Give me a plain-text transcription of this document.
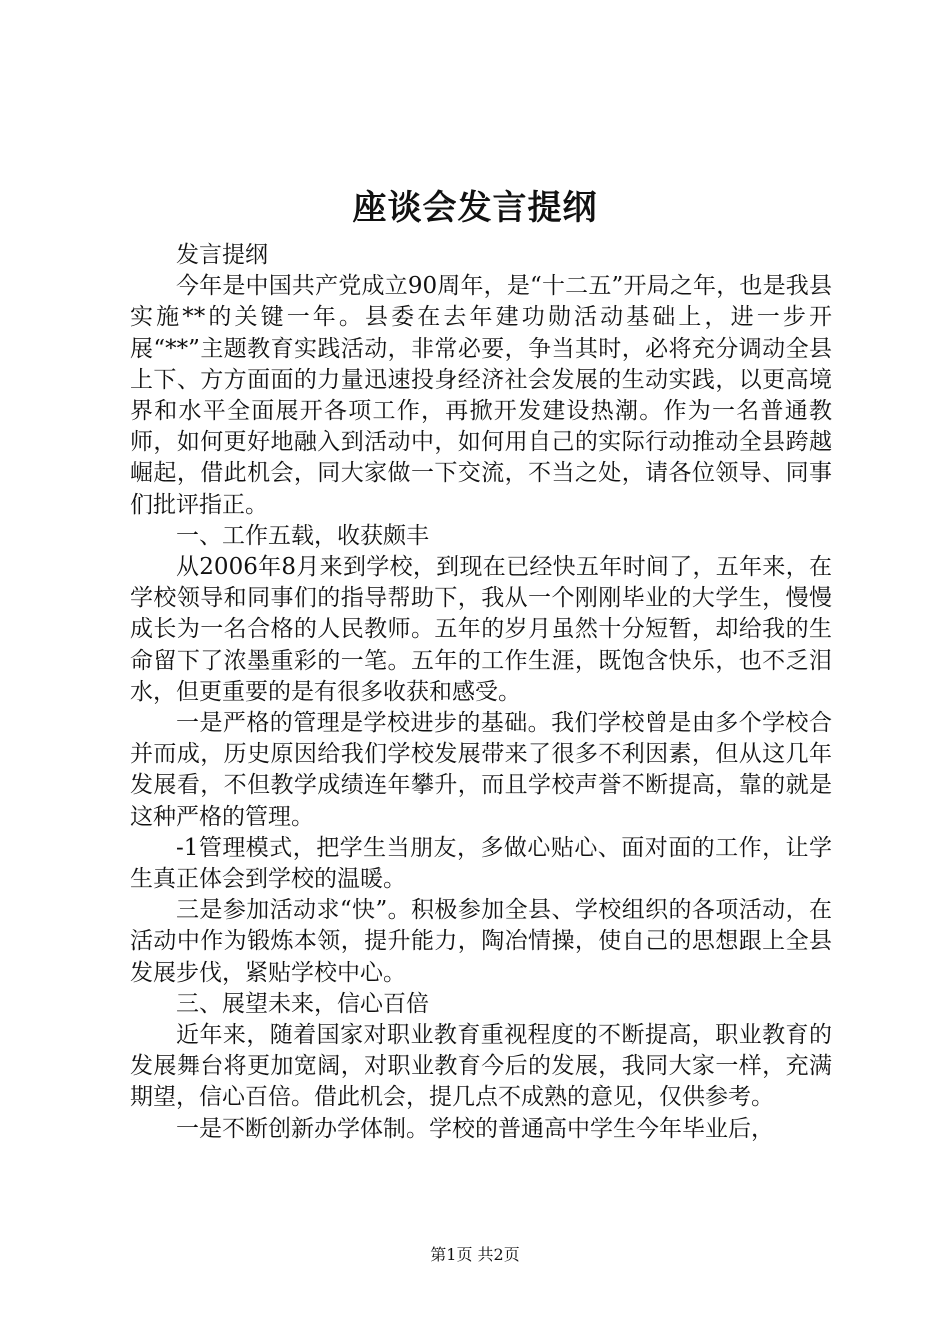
座谈会发言提纲

发言提纲

今年是中国共产党成立90周年，是“十二五”开局之年，也是我县实施**的关键一年。县委在去年建功勋活动基础上，进一步开展“**”主题教育实践活动，非常必要，争当其时，必将充分调动全县上下、方方面面的力量迅速投身经济社会发展的生动实践，以更高境界和水平全面展开各项工作，再掀开发建设热潮。作为一名普通教师，如何更好地融入到活动中，如何用自己的实际行动推动全县跨越崛起，借此机会，同大家做一下交流，不当之处，请各位领导、同事们批评指正。

一、工作五载，收获颇丰

从2006年8月来到学校，到现在已经快五年时间了，五年来，在学校领导和同事们的指导帮助下，我从一个刚刚毕业的大学生，慢慢成长为一名合格的人民教师。五年的岁月虽然十分短暂，却给我的生命留下了浓墨重彩的一笔。五年的工作生涯，既饱含快乐，也不乏泪水，但更重要的是有很多收获和感受。

一是严格的管理是学校进步的基础。我们学校曾是由多个学校合并而成，历史原因给我们学校发展带来了很多不利因素，但从这几年发展看，不但教学成绩连年攀升，而且学校声誉不断提高，靠的就是这种严格的管理。

-1管理模式，把学生当朋友，多做心贴心、面对面的工作，让学生真正体会到学校的温暖。

三是参加活动求“快”。积极参加全县、学校组织的各项活动，在活动中作为锻炼本领，提升能力，陶冶情操，使自己的思想跟上全县发展步伐，紧贴学校中心。

三、展望未来，信心百倍

近年来，随着国家对职业教育重视程度的不断提高，职业教育的发展舞台将更加宽阔，对职业教育今后的发展，我同大家一样，充满期望，信心百倍。借此机会，提几点不成熟的意见，仅供参考。

一是不断创新办学体制。学校的普通高中学生今年毕业后，

第1页 共2页
